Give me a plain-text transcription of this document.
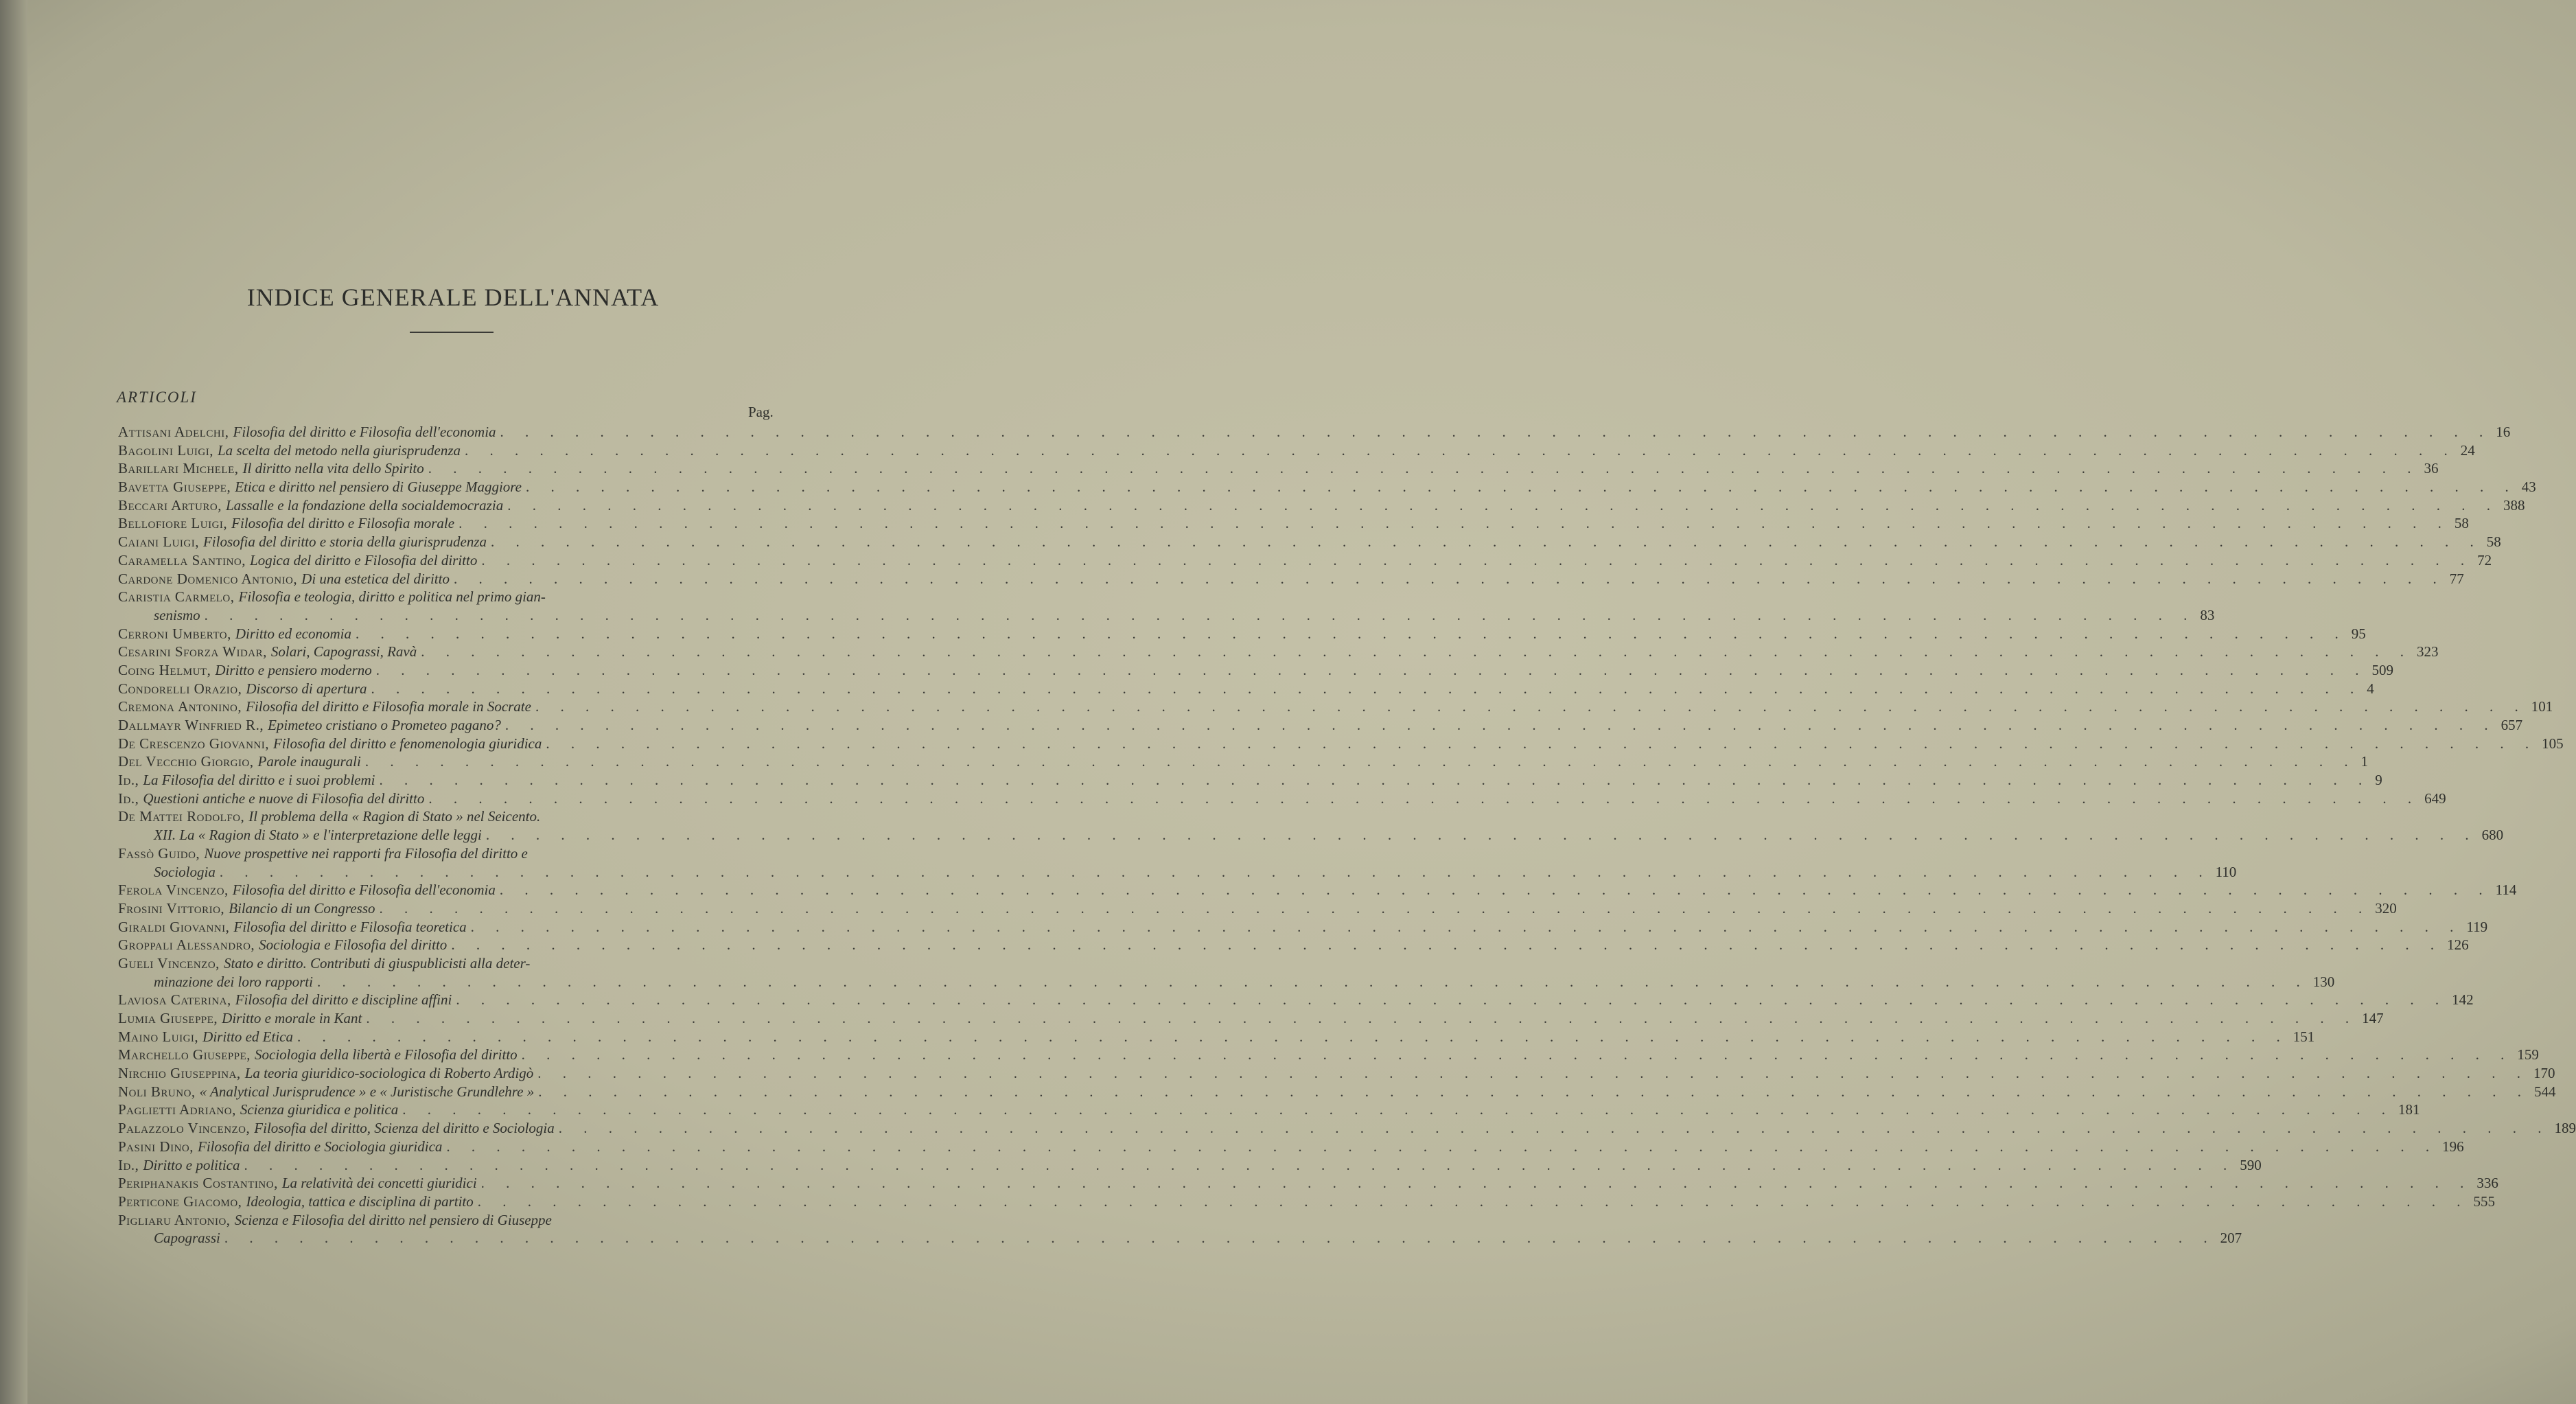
INDICE GENERALE DELL'ANNATA
ARTICOLI
Pag.
Attisani Adelchi, Filosofia del diritto e Filosofia dell'economia . . . . . . . . . . . . . . . . . . . . . . . . . . . . . . . . . . . . . . . . . . . . . . . . . . . . . . . . . . . . . . . . . . . . . . . . . . . . . . . . 16
Bagolini Luigi, La scelta del metodo nella giurisprudenza . . . . . . . . . . . . . . . . . . . . . . . . . . . . . . . . . . . . . . . . . . . . . . . . . . . . . . . . . . . . . . . . . . . . . . . . . . . . . . . . 24
Barillari Michele, Il diritto nella vita dello Spirito . . . . . . . . . . . . . . . . . . . . . . . . . . . . . . . . . . . . . . . . . . . . . . . . . . . . . . . . . . . . . . . . . . . . . . . . . . . . . . . . 36
Bavetta Giuseppe, Etica e diritto nel pensiero di Giuseppe Maggiore . . . . . . . . . . . . . . . . . . . . . . . . . . . . . . . . . . . . . . . . . . . . . . . . . . . . . . . . . . . . . . . . . . . . . . . . . . . . . . . . 43
Beccari Arturo, Lassalle e la fondazione della socialdemocrazia . . . . . . . . . . . . . . . . . . . . . . . . . . . . . . . . . . . . . . . . . . . . . . . . . . . . . . . . . . . . . . . . . . . . . . . . . . . . . . . . 388
Bellofiore Luigi, Filosofia del diritto e Filosofia morale . . . . . . . . . . . . . . . . . . . . . . . . . . . . . . . . . . . . . . . . . . . . . . . . . . . . . . . . . . . . . . . . . . . . . . . . . . . . . . . . 58
Caiani Luigi, Filosofia del diritto e storia della giurisprudenza . . . . . . . . . . . . . . . . . . . . . . . . . . . . . . . . . . . . . . . . . . . . . . . . . . . . . . . . . . . . . . . . . . . . . . . . . . . . . . . . 58
Caramella Santino, Logica del diritto e Filosofia del diritto . . . . . . . . . . . . . . . . . . . . . . . . . . . . . . . . . . . . . . . . . . . . . . . . . . . . . . . . . . . . . . . . . . . . . . . . . . . . . . . . 72
Cardone Domenico Antonio, Di una estetica del diritto . . . . . . . . . . . . . . . . . . . . . . . . . . . . . . . . . . . . . . . . . . . . . . . . . . . . . . . . . . . . . . . . . . . . . . . . . . . . . . . . 77
Caristia Carmelo, Filosofia e teologia, diritto e politica nel primo gian-
senismo . . . . . . . . . . . . . . . . . . . . . . . . . . . . . . . . . . . . . . . . . . . . . . . . . . . . . . . . . . . . . . . . . . . . . . . . . . . . . . . . 83
Cerroni Umberto, Diritto ed economia . . . . . . . . . . . . . . . . . . . . . . . . . . . . . . . . . . . . . . . . . . . . . . . . . . . . . . . . . . . . . . . . . . . . . . . . . . . . . . . . 95
Cesarini Sforza Widar, Solari, Capograssi, Ravà . . . . . . . . . . . . . . . . . . . . . . . . . . . . . . . . . . . . . . . . . . . . . . . . . . . . . . . . . . . . . . . . . . . . . . . . . . . . . . . . 323
Coing Helmut, Diritto e pensiero moderno . . . . . . . . . . . . . . . . . . . . . . . . . . . . . . . . . . . . . . . . . . . . . . . . . . . . . . . . . . . . . . . . . . . . . . . . . . . . . . . . 509
Condorelli Orazio, Discorso di apertura . . . . . . . . . . . . . . . . . . . . . . . . . . . . . . . . . . . . . . . . . . . . . . . . . . . . . . . . . . . . . . . . . . . . . . . . . . . . . . . . 4
Cremona Antonino, Filosofia del diritto e Filosofia morale in Socrate . . . . . . . . . . . . . . . . . . . . . . . . . . . . . . . . . . . . . . . . . . . . . . . . . . . . . . . . . . . . . . . . . . . . . . . . . . . . . . . . 101
Dallmayr Winfried R., Epimeteo cristiano o Prometeo pagano? . . . . . . . . . . . . . . . . . . . . . . . . . . . . . . . . . . . . . . . . . . . . . . . . . . . . . . . . . . . . . . . . . . . . . . . . . . . . . . . . 657
De Crescenzo Giovanni, Filosofia del diritto e fenomenologia giuridica . . . . . . . . . . . . . . . . . . . . . . . . . . . . . . . . . . . . . . . . . . . . . . . . . . . . . . . . . . . . . . . . . . . . . . . . . . . . . . . . 105
Del Vecchio Giorgio, Parole inaugurali . . . . . . . . . . . . . . . . . . . . . . . . . . . . . . . . . . . . . . . . . . . . . . . . . . . . . . . . . . . . . . . . . . . . . . . . . . . . . . . . 1
Id., La Filosofia del diritto e i suoi problemi . . . . . . . . . . . . . . . . . . . . . . . . . . . . . . . . . . . . . . . . . . . . . . . . . . . . . . . . . . . . . . . . . . . . . . . . . . . . . . . . 9
Id., Questioni antiche e nuove di Filosofia del diritto . . . . . . . . . . . . . . . . . . . . . . . . . . . . . . . . . . . . . . . . . . . . . . . . . . . . . . . . . . . . . . . . . . . . . . . . . . . . . . . . 649
De Mattei Rodolfo, Il problema della « Ragion di Stato » nel Seicento.
XII. La « Ragion di Stato » e l'interpretazione delle leggi . . . . . . . . . . . . . . . . . . . . . . . . . . . . . . . . . . . . . . . . . . . . . . . . . . . . . . . . . . . . . . . . . . . . . . . . . . . . . . . . 680
Fassò Guido, Nuove prospettive nei rapporti fra Filosofia del diritto e
Sociologia . . . . . . . . . . . . . . . . . . . . . . . . . . . . . . . . . . . . . . . . . . . . . . . . . . . . . . . . . . . . . . . . . . . . . . . . . . . . . . . . 110
Ferola Vincenzo, Filosofia del diritto e Filosofia dell'economia . . . . . . . . . . . . . . . . . . . . . . . . . . . . . . . . . . . . . . . . . . . . . . . . . . . . . . . . . . . . . . . . . . . . . . . . . . . . . . . . 114
Frosini Vittorio, Bilancio di un Congresso . . . . . . . . . . . . . . . . . . . . . . . . . . . . . . . . . . . . . . . . . . . . . . . . . . . . . . . . . . . . . . . . . . . . . . . . . . . . . . . . 320
Giraldi Giovanni, Filosofia del diritto e Filosofia teoretica . . . . . . . . . . . . . . . . . . . . . . . . . . . . . . . . . . . . . . . . . . . . . . . . . . . . . . . . . . . . . . . . . . . . . . . . . . . . . . . . 119
Groppali Alessandro, Sociologia e Filosofia del diritto . . . . . . . . . . . . . . . . . . . . . . . . . . . . . . . . . . . . . . . . . . . . . . . . . . . . . . . . . . . . . . . . . . . . . . . . . . . . . . . . 126
Gueli Vincenzo, Stato e diritto. Contributi di giuspublicisti alla deter-
minazione dei loro rapporti . . . . . . . . . . . . . . . . . . . . . . . . . . . . . . . . . . . . . . . . . . . . . . . . . . . . . . . . . . . . . . . . . . . . . . . . . . . . . . . . 130
Laviosa Caterina, Filosofia del diritto e discipline affini . . . . . . . . . . . . . . . . . . . . . . . . . . . . . . . . . . . . . . . . . . . . . . . . . . . . . . . . . . . . . . . . . . . . . . . . . . . . . . . . 142
Lumia Giuseppe, Diritto e morale in Kant . . . . . . . . . . . . . . . . . . . . . . . . . . . . . . . . . . . . . . . . . . . . . . . . . . . . . . . . . . . . . . . . . . . . . . . . . . . . . . . . 147
Maino Luigi, Diritto ed Etica . . . . . . . . . . . . . . . . . . . . . . . . . . . . . . . . . . . . . . . . . . . . . . . . . . . . . . . . . . . . . . . . . . . . . . . . . . . . . . . . 151
Marchello Giuseppe, Sociologia della libertà e Filosofia del diritto . . . . . . . . . . . . . . . . . . . . . . . . . . . . . . . . . . . . . . . . . . . . . . . . . . . . . . . . . . . . . . . . . . . . . . . . . . . . . . . . 159
Nirchio Giuseppina, La teoria giuridico-sociologica di Roberto Ardigò . . . . . . . . . . . . . . . . . . . . . . . . . . . . . . . . . . . . . . . . . . . . . . . . . . . . . . . . . . . . . . . . . . . . . . . . . . . . . . . . 170
Noli Bruno, « Analytical Jurisprudence » e « Juristische Grundlehre » . . . . . . . . . . . . . . . . . . . . . . . . . . . . . . . . . . . . . . . . . . . . . . . . . . . . . . . . . . . . . . . . . . . . . . . . . . . . . . . . 544
Paglietti Adriano, Scienza giuridica e politica . . . . . . . . . . . . . . . . . . . . . . . . . . . . . . . . . . . . . . . . . . . . . . . . . . . . . . . . . . . . . . . . . . . . . . . . . . . . . . . . 181
Palazzolo Vincenzo, Filosofia del diritto, Scienza del diritto e Sociologia . . . . . . . . . . . . . . . . . . . . . . . . . . . . . . . . . . . . . . . . . . . . . . . . . . . . . . . . . . . . . . . . . . . . . . . . . . . . . . . . 189
Pasini Dino, Filosofia del diritto e Sociologia giuridica . . . . . . . . . . . . . . . . . . . . . . . . . . . . . . . . . . . . . . . . . . . . . . . . . . . . . . . . . . . . . . . . . . . . . . . . . . . . . . . . 196
Id., Diritto e politica . . . . . . . . . . . . . . . . . . . . . . . . . . . . . . . . . . . . . . . . . . . . . . . . . . . . . . . . . . . . . . . . . . . . . . . . . . . . . . . . 590
Periphanakis Costantino, La relatività dei concetti giuridici . . . . . . . . . . . . . . . . . . . . . . . . . . . . . . . . . . . . . . . . . . . . . . . . . . . . . . . . . . . . . . . . . . . . . . . . . . . . . . . . 336
Perticone Giacomo, Ideologia, tattica e disciplina di partito . . . . . . . . . . . . . . . . . . . . . . . . . . . . . . . . . . . . . . . . . . . . . . . . . . . . . . . . . . . . . . . . . . . . . . . . . . . . . . . . 555
Pigliaru Antonio, Scienza e Filosofia del diritto nel pensiero di Giuseppe
Capograssi . . . . . . . . . . . . . . . . . . . . . . . . . . . . . . . . . . . . . . . . . . . . . . . . . . . . . . . . . . . . . . . . . . . . . . . . . . . . . . . . 207
